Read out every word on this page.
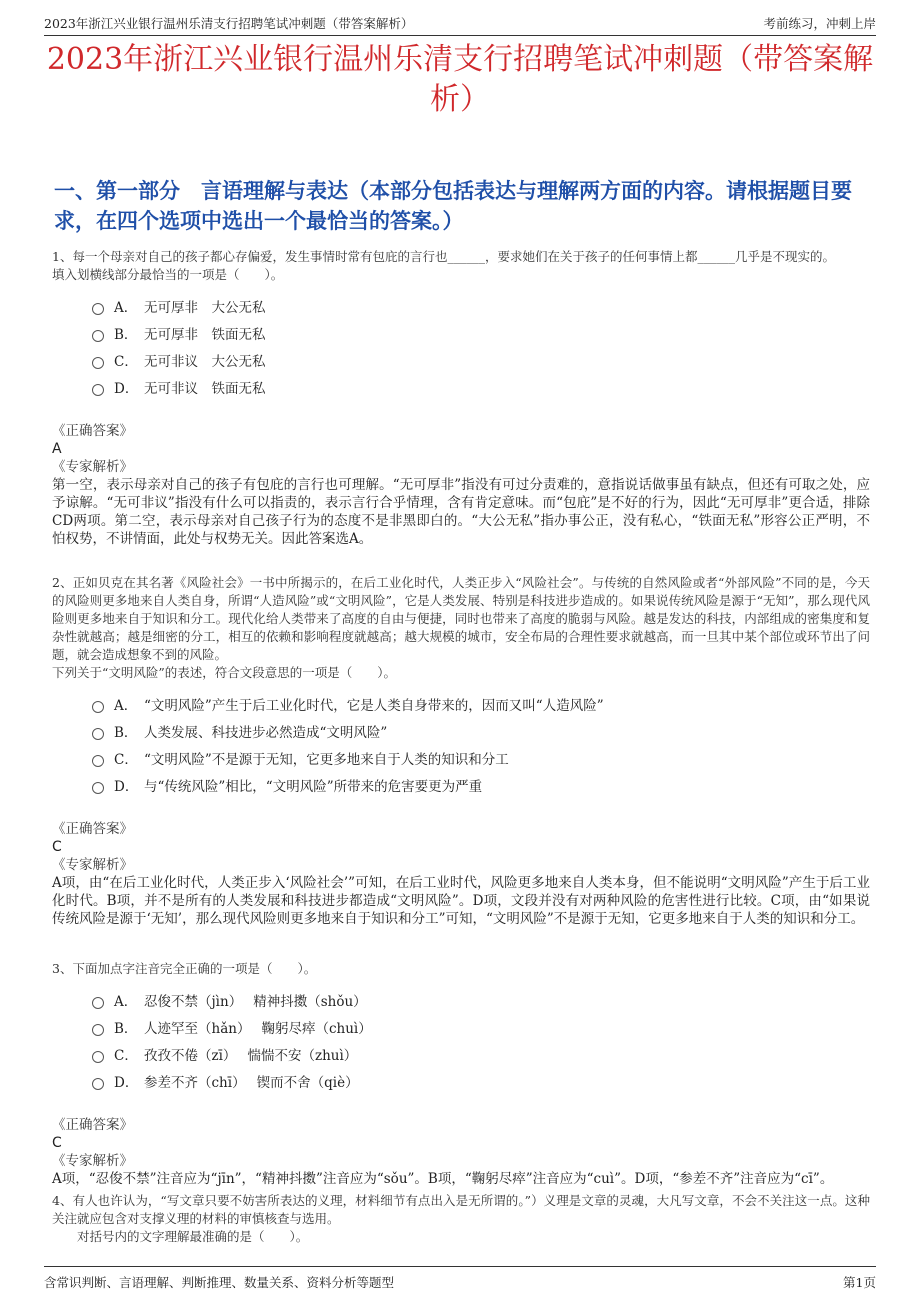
2023年浙江兴业银行温州乐清支行招聘笔试冲刺题（带答案解析）	考前练习，冲刺上岸
2023年浙江兴业银行温州乐清支行招聘笔试冲刺题（带答案解析）
一、第一部分　言语理解与表达（本部分包括表达与理解两方面的内容。请根据题目要求，在四个选项中选出一个最恰当的答案。）

1、每一个母亲对自己的孩子都心存偏爱，发生事情时常有包庇的言行也______，要求她们在关于孩子的任何事情上都______几乎是不现实的。

填入划横线部分最恰当的一项是（　　）。

A． 无可厚非　大公无私
B． 无可厚非　铁面无私
C． 无可非议　大公无私
D． 无可非议　铁面无私
《正确答案》
A
《专家解析》

第一空，表示母亲对自己的孩子有包庇的言行也可理解。“无可厚非”指没有可过分责难的，意指说话做事虽有缺点，但还有可取之处，应予谅解。“无可非议”指没有什么可以指责的，表示言行合乎情理，含有肯定意味。而“包庇”是不好的行为，因此“无可厚非”更合适，排除CD两项。第二空，表示母亲对自己孩子行为的态度不是非黑即白的。“大公无私”指办事公正，没有私心，“铁面无私”形容公正严明，不怕权势，不讲情面，此处与权势无关。因此答案选A。

2、正如贝克在其名著《风险社会》一书中所揭示的，在后工业化时代，人类正步入“风险社会”。与传统的自然风险或者“外部风险”不同的是，今天的风险则更多地来自人类自身，所谓“人造风险”或“文明风险”，它是人类发展、特别是科技进步造成的。如果说传统风险是源于“无知”，那么现代风险则更多地来自于知识和分工。现代化给人类带来了高度的自由与便捷，同时也带来了高度的脆弱与风险。越是发达的科技，内部组成的密集度和复杂性就越高；越是细密的分工，相互的依赖和影响程度就越高；越大规模的城市，安全布局的合理性要求就越高，而一旦其中某个部位或环节出了问题，就会造成想象不到的风险。

下列关于“文明风险”的表述，符合文段意思的一项是（　　）。

A． “文明风险”产生于后工业化时代，它是人类自身带来的，因而又叫“人造风险”
B． 人类发展、科技进步必然造成“文明风险”
C． “文明风险”不是源于无知，它更多地来自于人类的知识和分工
D． 与“传统风险”相比，“文明风险”所带来的危害要更为严重
《正确答案》
C
《专家解析》

A项，由“在后工业化时代，人类正步入‘风险社会’”可知，在后工业时代，风险更多地来自人类本身，但不能说明“文明风险”产生于后工业化时代。B项，并不是所有的人类发展和科技进步都造成“文明风险”。D项，文段并没有对两种风险的危害性进行比较。C项，由“如果说传统风险是源于‘无知’，那么现代风险则更多地来自于知识和分工”可知，“文明风险”不是源于无知，它更多地来自于人类的知识和分工。

3、下面加点字注音完全正确的一项是（　　）。

A． 忍俊不禁（jìn）　 精神抖擞（shǒu）
B． 人迹罕至（hǎn）　 鞠躬尽瘁（chuì）
C． 孜孜不倦（zī）　 惴惴不安（zhuì）
D． 参差不齐（chī）　 锲而不舍（qiè）
《正确答案》
C
《专家解析》

A项，“忍俊不禁”注音应为“jīn”，“精神抖擞”注音应为“sǒu”。B项，“鞠躬尽瘁”注音应为“cuì”。D项，“参差不齐”注音应为“cī”。

4、有人也许认为，“写文章只要不妨害所表达的义理，材料细节有点出入是无所谓的。”）义理是文章的灵魂，大凡写文章，不会不关注这一点。这种关注就应包含对支撑义理的材料的审慎核查与选用。

对括号内的文字理解最准确的是（　　）。

含常识判断、言语理解、判断推理、数量关系、资料分析等题型	第1页
